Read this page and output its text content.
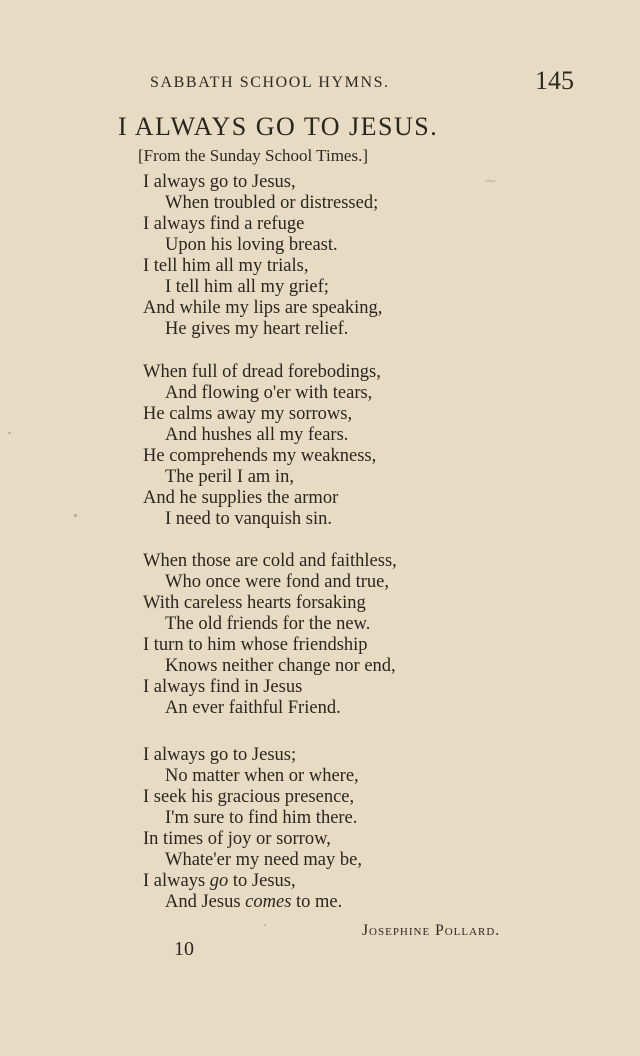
SABBATH SCHOOL HYMNS.	145
I ALWAYS GO TO JESUS.
[From the Sunday School Times.]
I always go to Jesus,
When troubled or distressed;
I always find a refuge
Upon his loving breast.
I tell him all my trials,
I tell him all my grief;
And while my lips are speaking,
He gives my heart relief.
When full of dread forebodings,
And flowing o'er with tears,
He calms away my sorrows,
And hushes all my fears.
He comprehends my weakness,
The peril I am in,
And he supplies the armor
I need to vanquish sin.
When those are cold and faithless,
Who once were fond and true,
With careless hearts forsaking
The old friends for the new.
I turn to him whose friendship
Knows neither change nor end,
I always find in Jesus
An ever faithful Friend.
I always go to Jesus;
No matter when or where,
I seek his gracious presence,
I'm sure to find him there.
In times of joy or sorrow,
Whate'er my need may be,
I always go to Jesus,
And Jesus comes to me.
Josephine Pollard.
10
